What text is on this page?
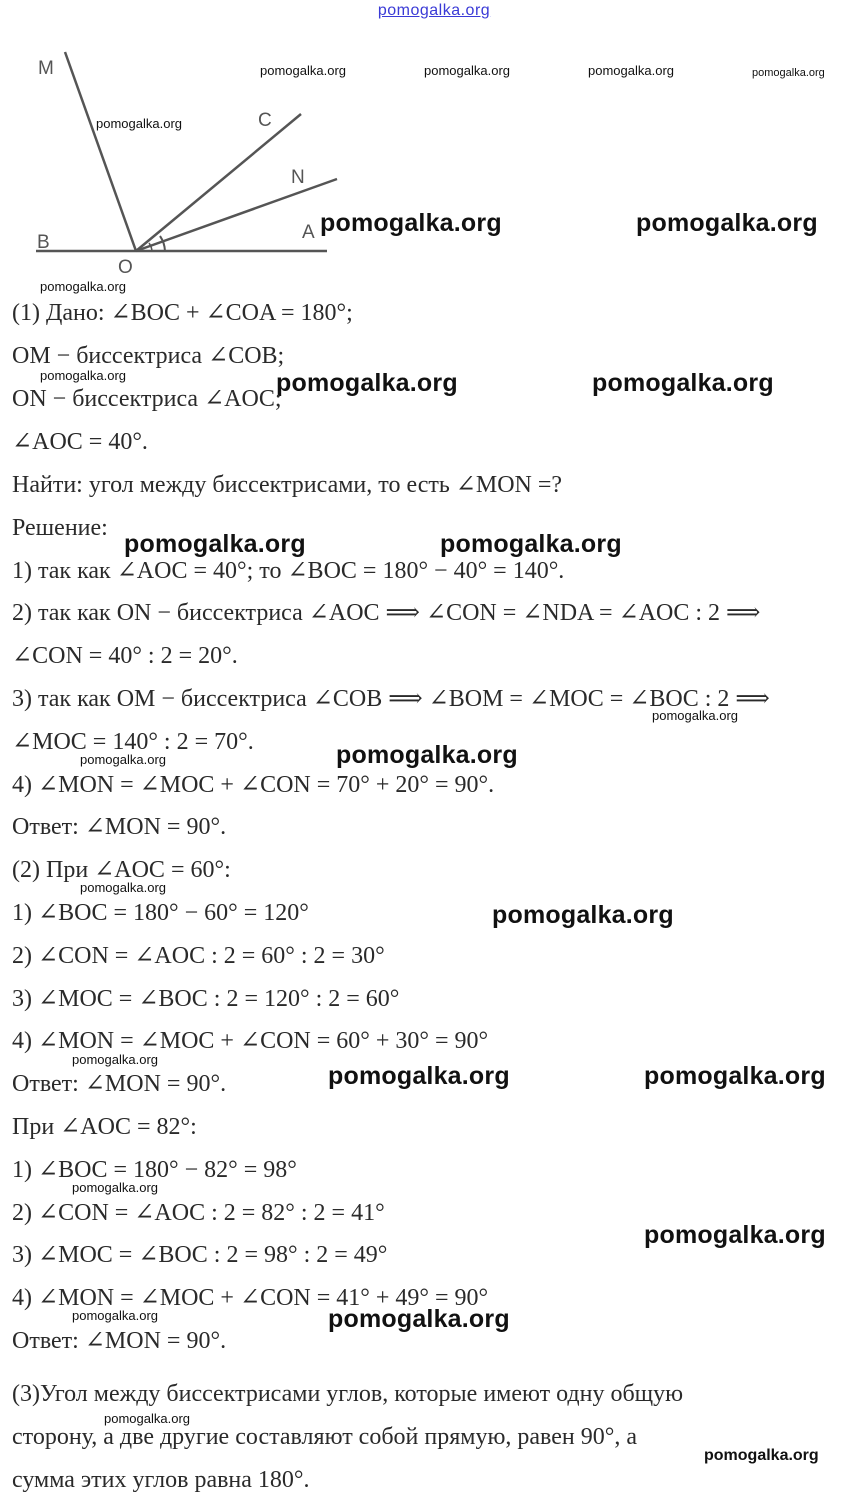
pomogalka.org
M
C
N
B	A
O
pomogalka.org	pomogalka.org	pomogalka.org	pomogalka.org
pomogalka.org
pomogalka.org	pomogalka.org
pomogalka.org
pomogalka.org	pomogalka.org	pomogalka.org
pomogalka.org	pomogalka.org
pomogalka.org
pomogalka.org
pomogalka.org
pomogalka.org
pomogalka.org
pomogalka.org
pomogalka.org	pomogalka.org
pomogalka.org
pomogalka.org
pomogalka.org	pomogalka.org
pomogalka.org
pomogalka.org
(1) Дано: ∠BOC + ∠COA = 180°;
OM − биссектриса ∠COB;
ON − биссектриса ∠AOC;
∠AOC = 40°.
Найти: угол между биссектрисами, то есть ∠MON =?
Решение:
1) так как ∠AOC = 40°; то ∠BOC = 180° − 40° = 140°.
2) так как ON − биссектриса ∠AOC ⟹ ∠CON = ∠NDA = ∠AOC : 2 ⟹
∠CON = 40° : 2 = 20°.
3) так как OM − биссектриса ∠COB ⟹ ∠BOM = ∠MOC = ∠BOC : 2 ⟹
∠MOC = 140° : 2 = 70°.
4) ∠MON = ∠MOC + ∠CON = 70° + 20° = 90°.
Ответ: ∠MON = 90°.
(2) При ∠AOC = 60°:
1) ∠BOC = 180° − 60° = 120°
2) ∠CON = ∠AOC : 2 = 60° : 2 = 30°
3) ∠MOC = ∠BOC : 2 = 120° : 2 = 60°
4) ∠MON = ∠MOC + ∠CON = 60° + 30° = 90°
Ответ: ∠MON = 90°.
При ∠AOC = 82°:
1) ∠BOC = 180° − 82° = 98°
2) ∠CON = ∠AOC : 2 = 82° : 2 = 41°
3) ∠MOC = ∠BOC : 2 = 98° : 2 = 49°
4) ∠MON = ∠MOC + ∠CON = 41° + 49° = 90°
Ответ: ∠MON = 90°.
(3)Угол между биссектрисами углов, которые имеют одну общую
сторону, а две другие составляют собой прямую, равен 90°, а
сумма этих углов равна 180°.
